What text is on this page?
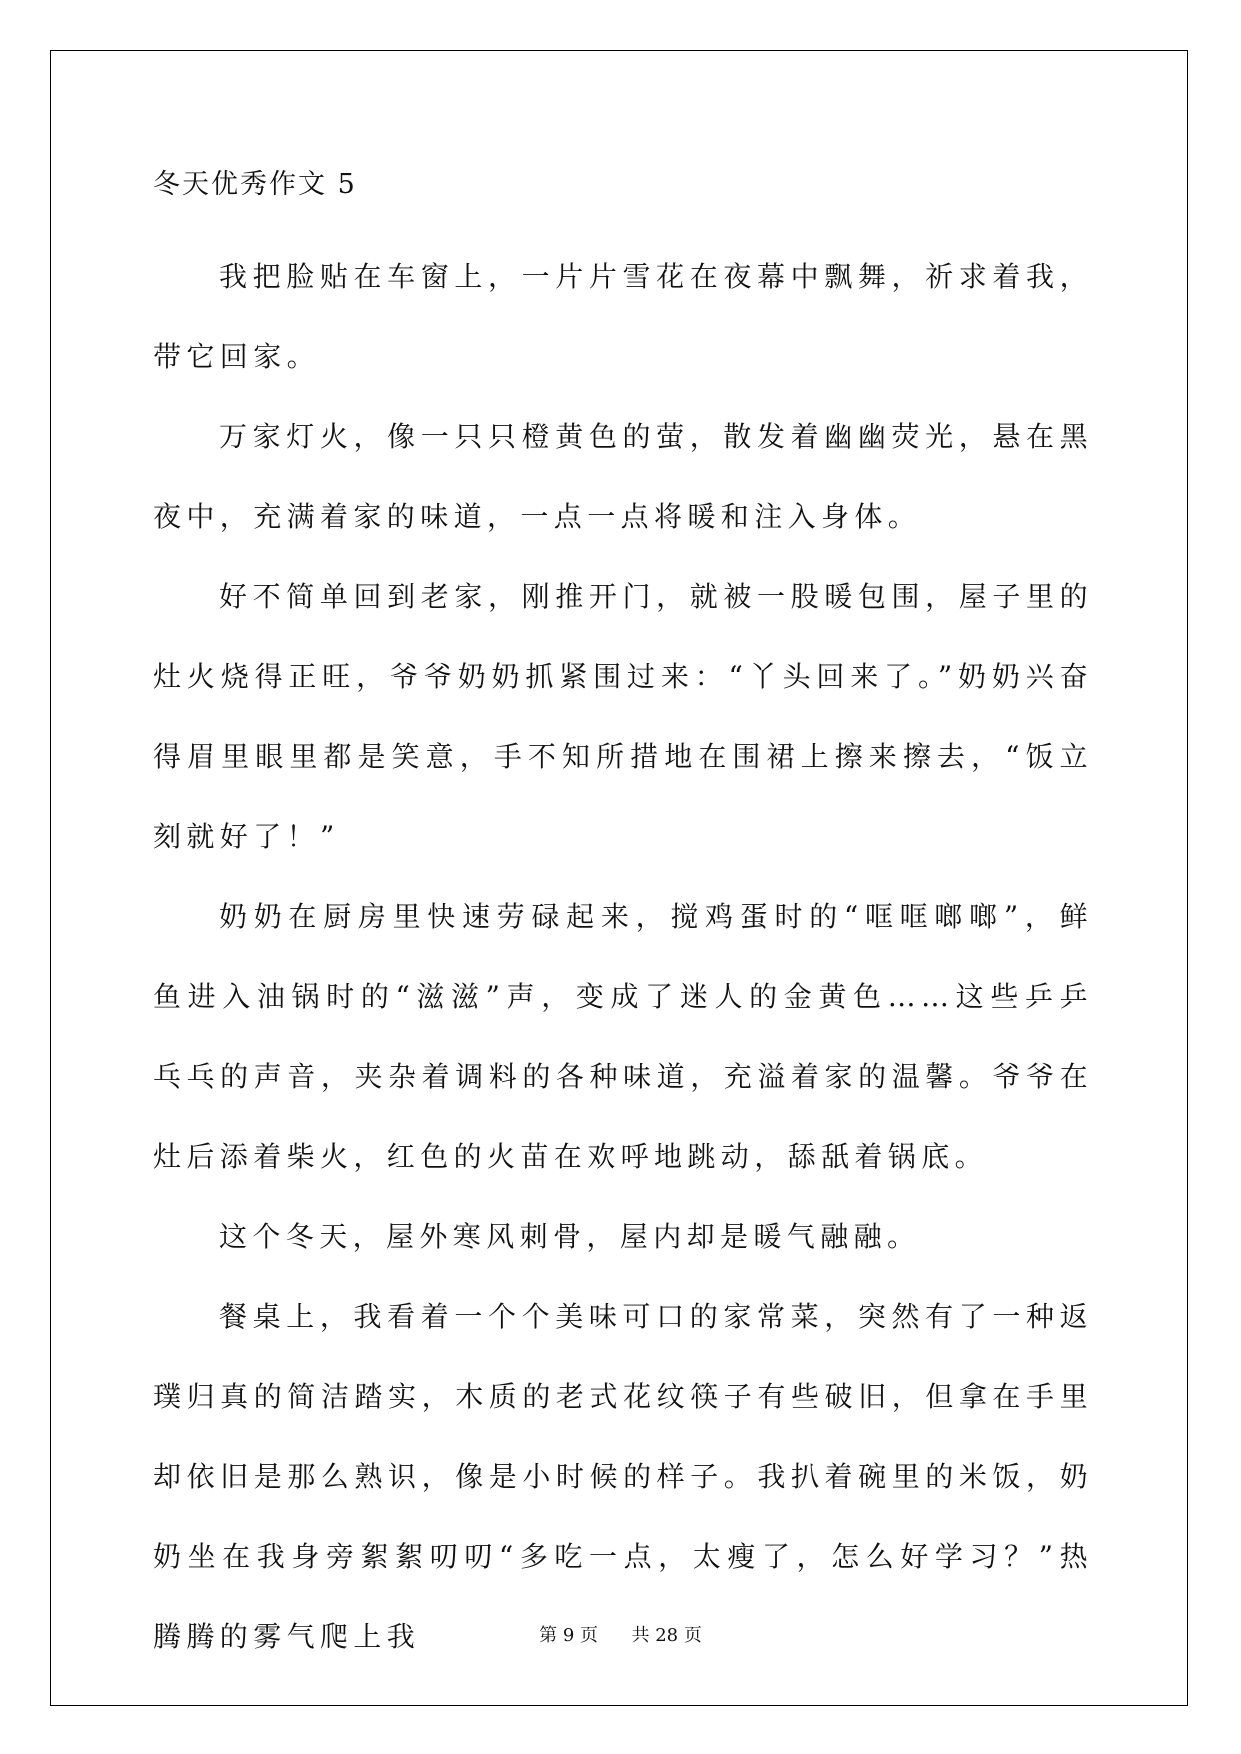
冬天优秀作文 5

我把脸贴在车窗上，一片片雪花在夜幕中飘舞，祈求着我，带它回家。

万家灯火，像一只只橙黄色的萤，散发着幽幽荧光，悬在黑夜中，充满着家的味道，一点一点将暖和注入身体。

好不简单回到老家，刚推开门，就被一股暖包围，屋子里的灶火烧得正旺，爷爷奶奶抓紧围过来：“丫头回来了。”奶奶兴奋得眉里眼里都是笑意，手不知所措地在围裙上擦来擦去，“饭立刻就好了！”

奶奶在厨房里快速劳碌起来，搅鸡蛋时的“哐哐啷啷”，鲜鱼进入油锅时的“滋滋”声，变成了迷人的金黄色……这些乒乒乓乓的声音，夹杂着调料的各种味道，充溢着家的温馨。爷爷在灶后添着柴火，红色的火苗在欢呼地跳动，舔舐着锅底。

这个冬天，屋外寒风刺骨，屋内却是暖气融融。

餐桌上，我看着一个个美味可口的家常菜，突然有了一种返璞归真的简洁踏实，木质的老式花纹筷子有些破旧，但拿在手里却依旧是那么熟识，像是小时候的样子。我扒着碗里的米饭，奶奶坐在我身旁絮絮叨叨“多吃一点，太瘦了，怎么好学习？”热腾腾的雾气爬上我	第 9 页 共 28 页
